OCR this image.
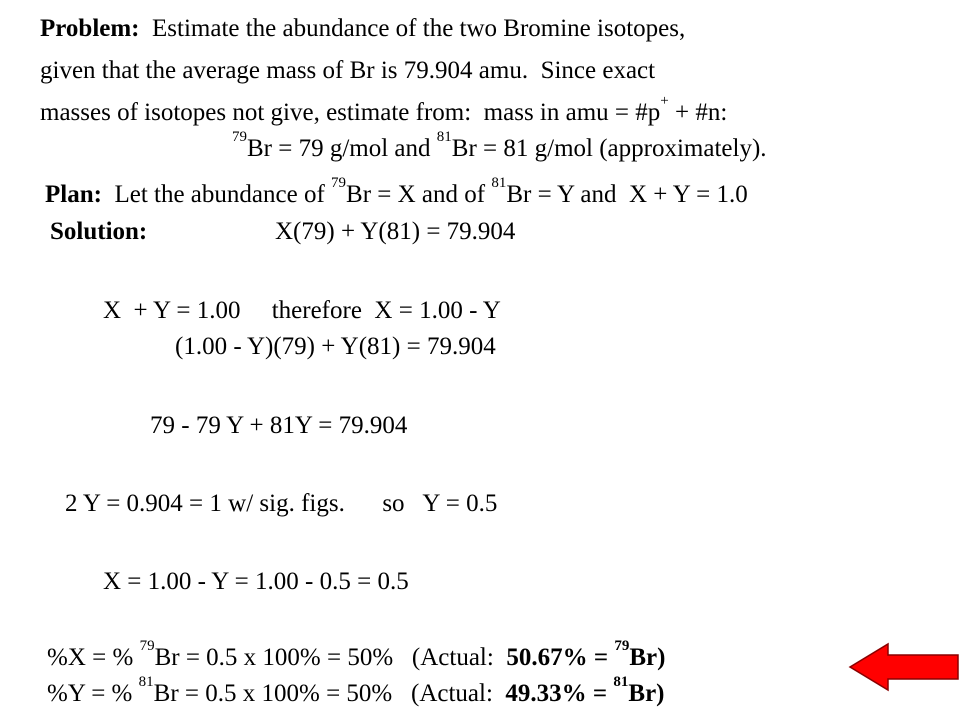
Problem: Estimate the abundance of the two Bromine isotopes,
given that the average mass of Br is 79.904 amu.  Since exact
masses of isotopes not give, estimate from:  mass in amu = #p+ + #n:
$^{79}$Br = 79 g/mol and $^{81}$Br = 81 g/mol (approximately).
Plan: Let the abundance of $^{79}$Br = X and of $^{81}$Br = Y and  X + Y = 1.0
Solution:	X(79) + Y(81) = 79.904
X  + Y = 1.00     therefore  X = 1.00 - Y
(1.00 - Y)(79) + Y(81) = 79.904
79 - 79 Y + 81Y = 79.904
2 Y = 0.904 = 1 w/ sig. figs.      so   Y = 0.5
X = 1.00 - Y = 1.00 - 0.5 = 0.5
%X = % $^{79}$Br = 0.5 x 100% = 50%   (Actual:  50.67% = $^{79}$Br)
%Y = % $^{81}$Br = 0.5 x 100% = 50%   (Actual:  49.33% = $^{81}$Br)
